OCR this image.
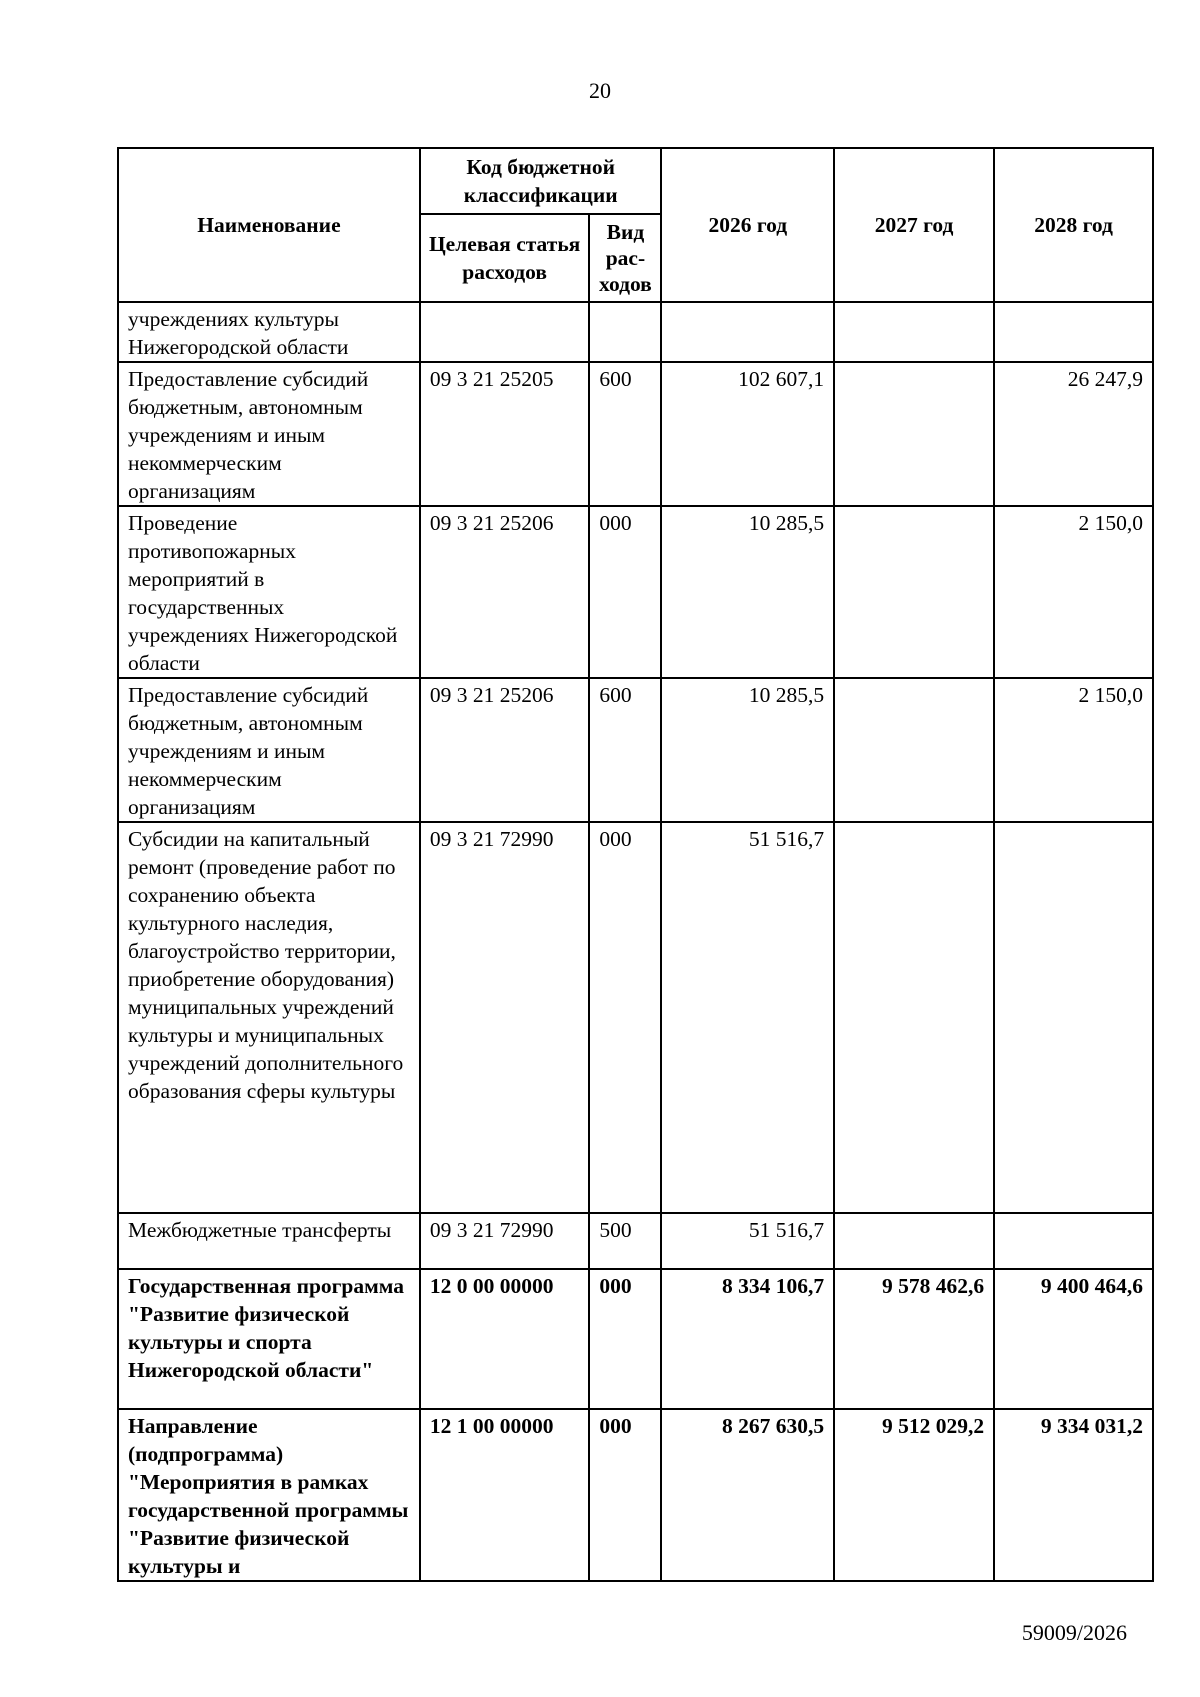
20
Наименование	Код бюджетной классификации		2026 год	2027 год	2028 год
	Целевая статья расходов	Вид рас- ходов			
учреждениях культуры Нижегородской области					
Предоставление субсидий бюджетным, автономным учреждениям и иным некоммерческим организациям	09 3 21 25205	600	102 607,1		26 247,9
Проведение противопожарных мероприятий в государственных учреждениях Нижегородской области	09 3 21 25206	000	10 285,5		2 150,0
Предоставление субсидий бюджетным, автономным учреждениям и иным некоммерческим организациям	09 3 21 25206	600	10 285,5		2 150,0
Субсидии на капитальный ремонт (проведение работ по сохранению объекта культурного наследия, благоустройство территории, приобретение оборудования) муниципальных учреждений культуры и муниципальных учреждений дополнительного образования сферы культуры	09 3 21 72990	000	51 516,7		
Межбюджетные трансферты	09 3 21 72990	500	51 516,7		
Государственная программа "Развитие физической культуры и спорта Нижегородской области"	12 0 00 00000	000	8 334 106,7	9 578 462,6	9 400 464,6
Направление (подпрограмма) "Мероприятия в рамках государственной программы "Развитие физической культуры и	12 1 00 00000	000	8 267 630,5	9 512 029,2	9 334 031,2
59009/2026
